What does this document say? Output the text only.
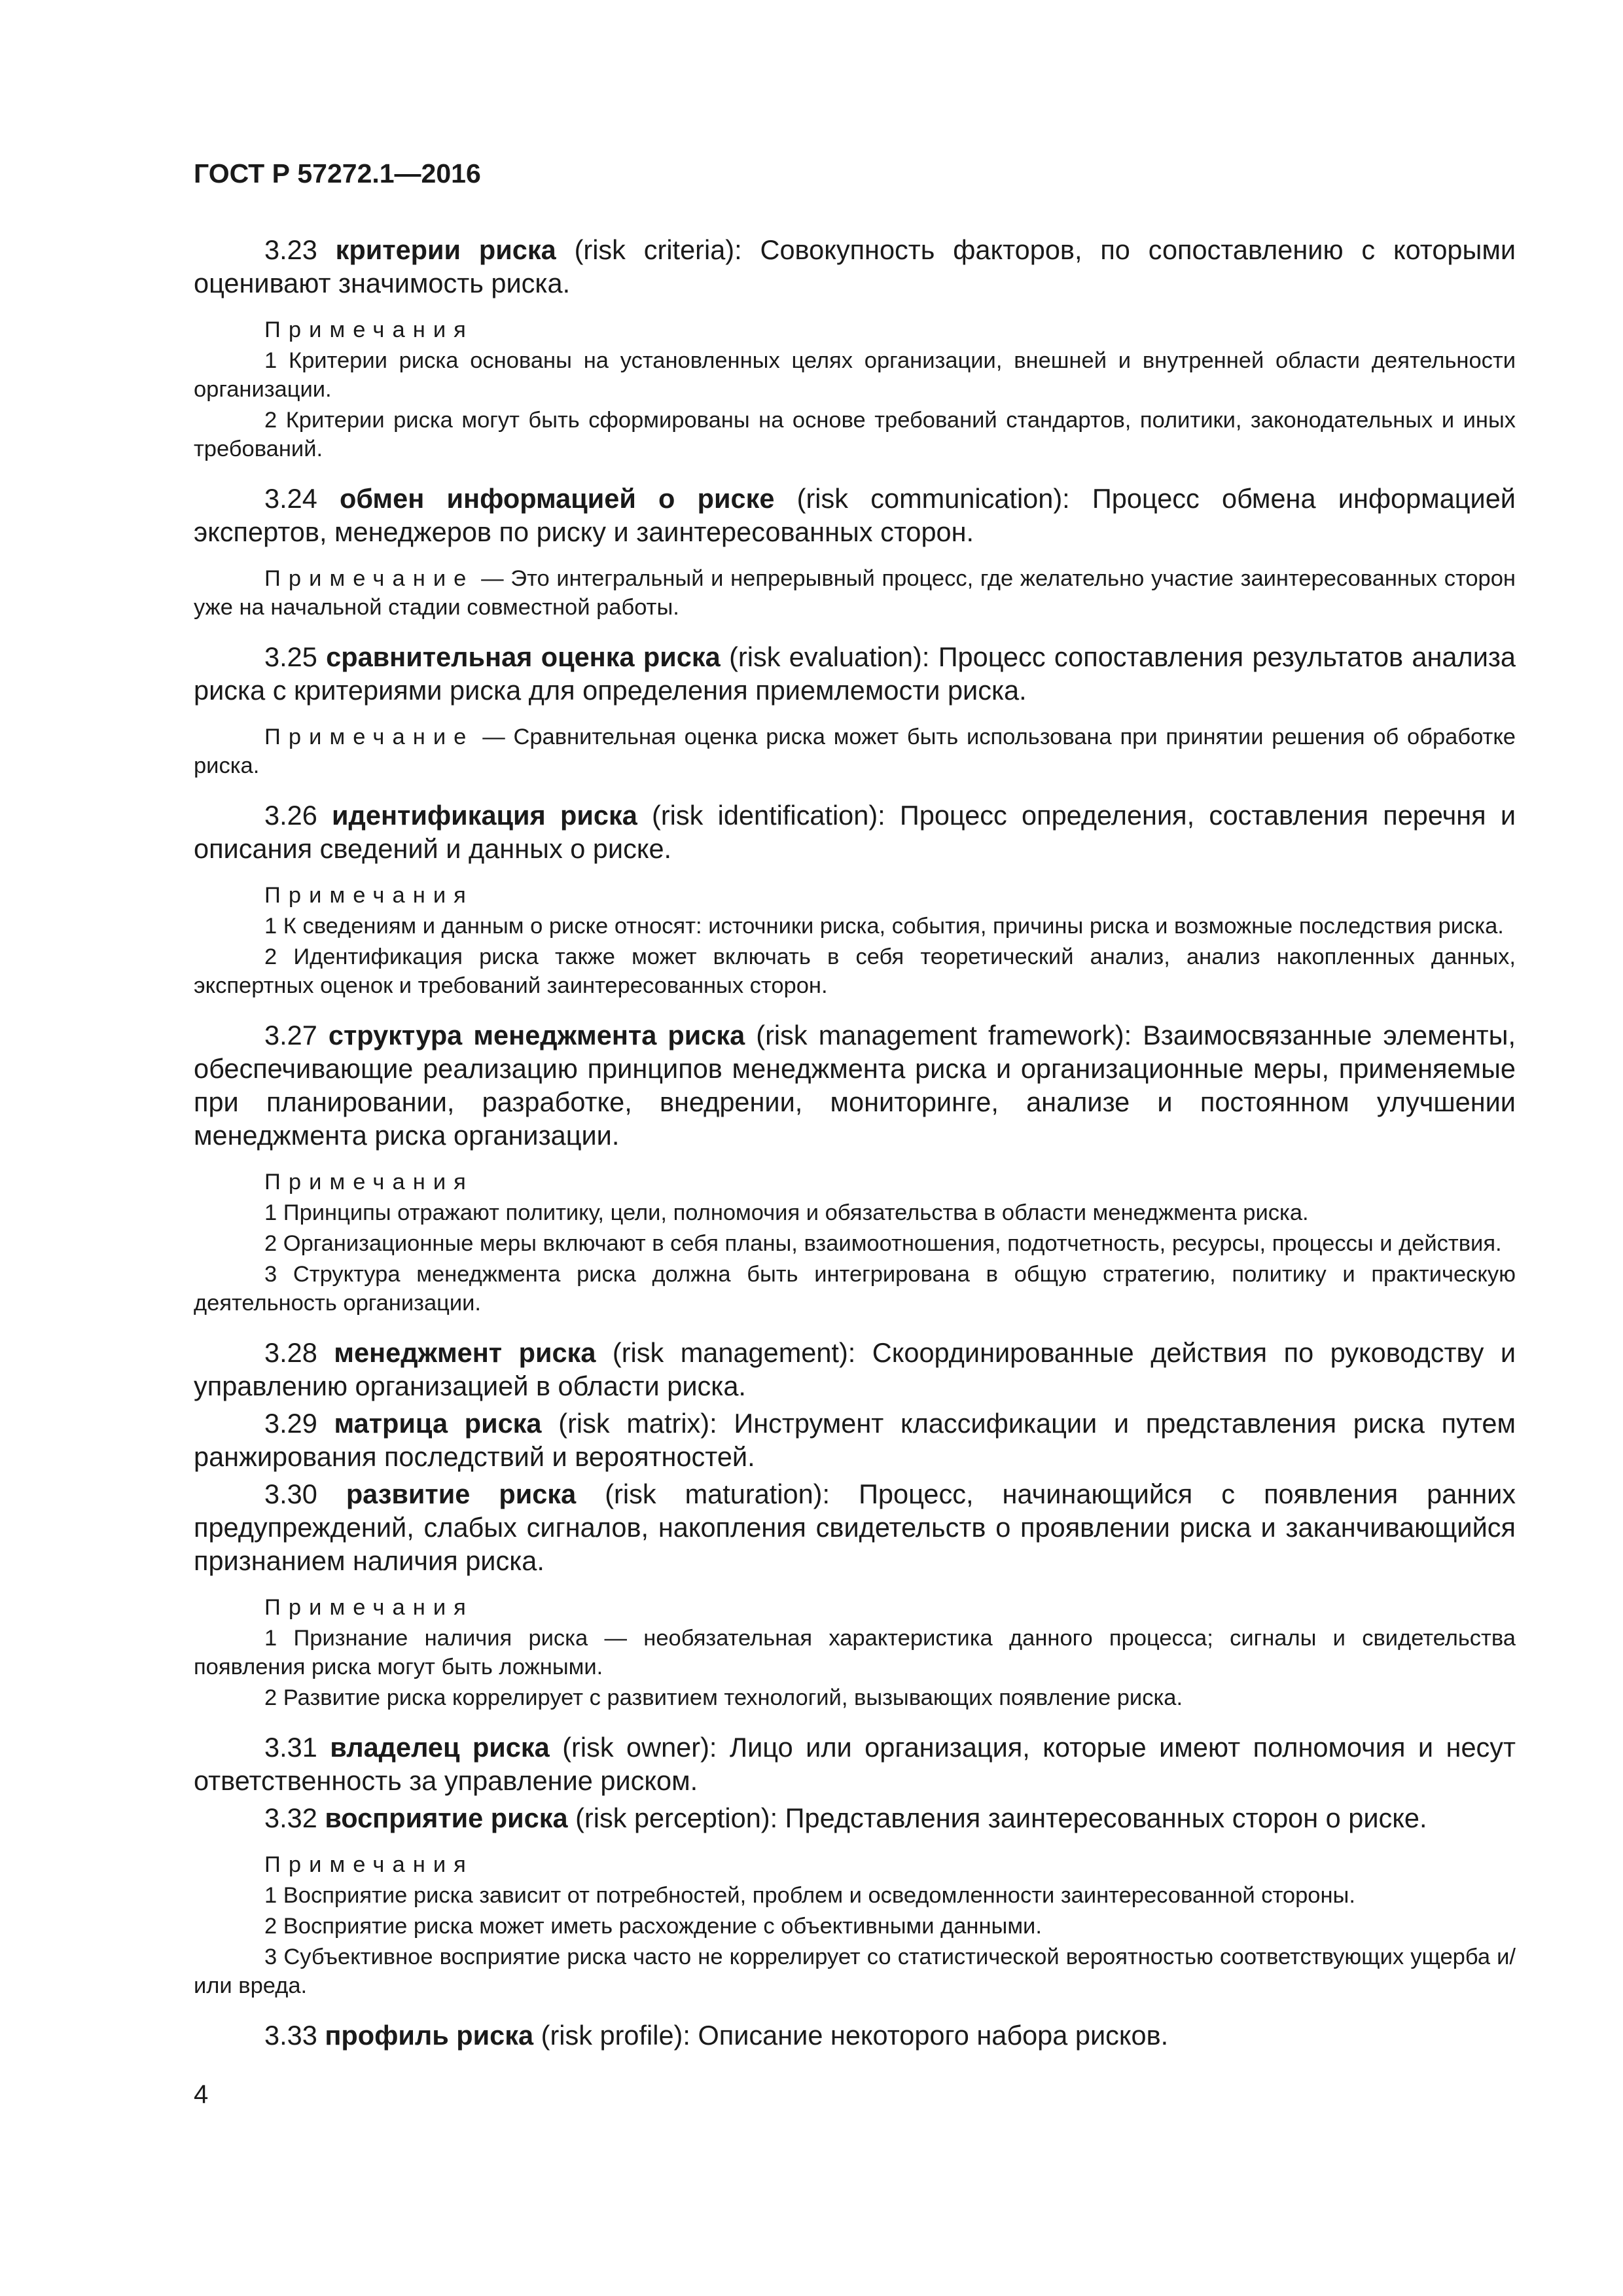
ГОСТ Р 57272.1—2016

3.23 критерии риска (risk criteria): Совокупность факторов, по сопоставлению с которыми оценивают значимость риска.

Примечания

1 Критерии риска основаны на установленных целях организации, внешней и внутренней области деятельности организации.

2 Критерии риска могут быть сформированы на основе требований стандартов, политики, законодательных и иных требований.

3.24 обмен информацией о риске (risk communication): Процесс обмена информацией экспертов, менеджеров по риску и заинтересованных сторон.

Примечание — Это интегральный и непрерывный процесс, где желательно участие заинтересованных сторон уже на начальной стадии совместной работы.

3.25 сравнительная оценка риска (risk evaluation): Процесс сопоставления результатов анализа риска с критериями риска для определения приемлемости риска.

Примечание — Сравнительная оценка риска может быть использована при принятии решения об обработке риска.

3.26 идентификация риска (risk identification): Процесс определения, составления перечня и описания сведений и данных о риске.

Примечания

1 К сведениям и данным о риске относят: источники риска, события, причины риска и возможные последствия риска.

2 Идентификация риска также может включать в себя теоретический анализ, анализ накопленных данных, экспертных оценок и требований заинтересованных сторон.

3.27 структура менеджмента риска (risk management framework): Взаимосвязанные элементы, обеспечивающие реализацию принципов менеджмента риска и организационные меры, применяемые при планировании, разработке, внедрении, мониторинге, анализе и постоянном улучшении менеджмента риска организации.

Примечания

1 Принципы отражают политику, цели, полномочия и обязательства в области менеджмента риска.

2 Организационные меры включают в себя планы, взаимоотношения, подотчетность, ресурсы, процессы и действия.

3 Структура менеджмента риска должна быть интегрирована в общую стратегию, политику и практическую деятельность организации.

3.28 менеджмент риска (risk management): Скоординированные действия по руководству и управлению организацией в области риска.

3.29 матрица риска (risk matrix): Инструмент классификации и представления риска путем ранжирования последствий и вероятностей.

3.30 развитие риска (risk maturation): Процесс, начинающийся с появления ранних предупреждений, слабых сигналов, накопления свидетельств о проявлении риска и заканчивающийся признанием наличия риска.

Примечания

1 Признание наличия риска — необязательная характеристика данного процесса; сигналы и свидетельства появления риска могут быть ложными.

2 Развитие риска коррелирует с развитием технологий, вызывающих появление риска.

3.31 владелец риска (risk owner): Лицо или организация, которые имеют полномочия и несут ответственность за управление риском.

3.32 восприятие риска (risk perception): Представления заинтересованных сторон о риске.

Примечания

1 Восприятие риска зависит от потребностей, проблем и осведомленности заинтересованной стороны.

2 Восприятие риска может иметь расхождение с объективными данными.

3 Субъективное восприятие риска часто не коррелирует со статистической вероятностью соответствующих ущерба и/или вреда.

3.33 профиль риска (risk profile): Описание некоторого набора рисков.

4
